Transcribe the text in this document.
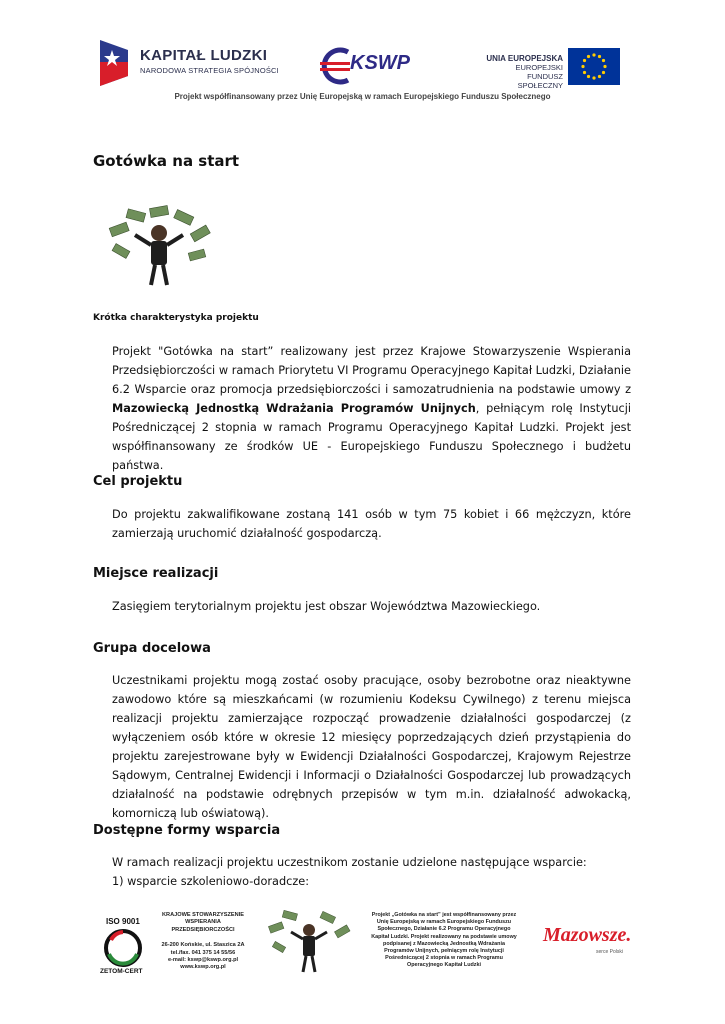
KAPITAŁ LUDZKI
NARODOWA STRATEGIA SPÓJNOŚCI	KSWP	UNIA EUROPEJSKA
EUROPEJSKI
FUNDUSZ SPOŁECZNY
Projekt współfinansowany przez Unię Europejską w ramach Europejskiego Funduszu Społecznego
Gotówka na start
Krótka charakterystyka projektu
Projekt "Gotówka na start” realizowany jest przez Krajowe Stowarzyszenie Wspierania Przedsiębiorczości w ramach Priorytetu VI Programu Operacyjnego Kapitał Ludzki, Działanie 6.2 Wsparcie oraz promocja przedsiębiorczości i samozatrudnienia na podstawie umowy z Mazowiecką Jednostką Wdrażania Programów Unijnych, pełniącym rolę Instytucji Pośredniczącej 2 stopnia w ramach Programu Operacyjnego Kapitał Ludzki. Projekt jest współfinansowany ze środków UE - Europejskiego Funduszu Społecznego i budżetu państwa.
Cel projektu
Do projektu zakwalifikowane zostaną 141 osób w tym 75 kobiet i 66 mężczyzn, które zamierzają uruchomić działalność gospodarczą.
Miejsce realizacji
Zasięgiem terytorialnym projektu jest obszar Województwa Mazowieckiego.
Grupa docelowa
Uczestnikami projektu mogą zostać osoby pracujące, osoby bezrobotne oraz nieaktywne zawodowo które są mieszkańcami (w rozumieniu Kodeksu Cywilnego) z terenu miejsca realizacji projektu zamierzające rozpocząć prowadzenie działalności gospodarczej (z wyłączeniem osób które w okresie 12 miesięcy poprzedzających dzień przystąpienia do projektu zarejestrowane były w Ewidencji Działalności Gospodarczej, Krajowym Rejestrze Sądowym, Centralnej Ewidencji i Informacji o Działalności Gospodarczej lub prowadzących działalność na podstawie odrębnych przepisów w tym m.in. działalność adwokacką, komorniczą lub oświatową).
Dostępne formy wsparcia
W ramach realizacji projektu uczestnikom zostanie udzielone następujące wsparcie:
1) wsparcie szkoleniowo-doradcze:
ISO 9001
ZETOM-CERT
KRAJOWE STOWARZYSZENIE
WSPIERANIA
PRZEDSIĘBIORCZOŚCI
26-200 Końskie, ul. Staszica 2A
tel./fax. 041 375 14 55/56
e-mail: kswp@kswp.org.pl
www.kswp.org.pl
Projekt „Gotówka na start” jest współfinansowany przez
Unię Europejską w ramach Europejskiego Funduszu
Społecznego, Działanie 6.2 Programu Operacyjnego
Kapitał Ludzki. Projekt realizowany na podstawie umowy
podpisanej z Mazowiecką Jednostką Wdrażania
Programów Unijnych, pełniącym rolę Instytucji
Pośredniczącej 2 stopnia w ramach Programu
Operacyjnego Kapitał Ludzki
Mazowsze.
serce Polski
